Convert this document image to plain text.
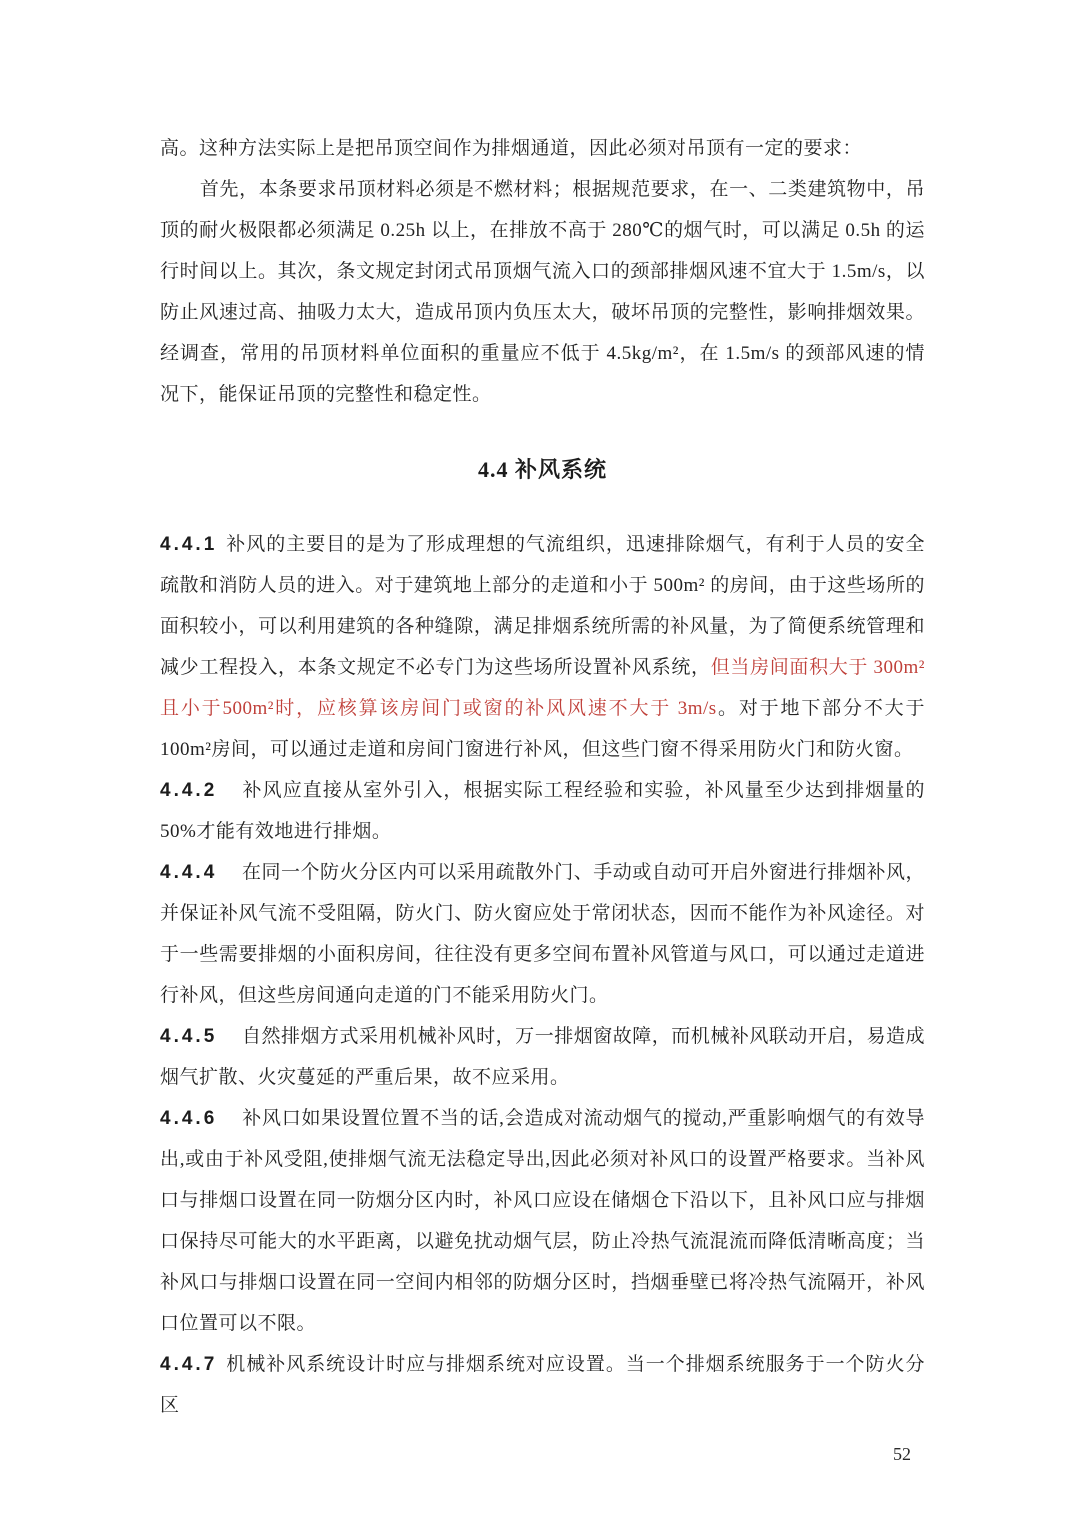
高。这种方法实际上是把吊顶空间作为排烟通道，因此必须对吊顶有一定的要求：

首先，本条要求吊顶材料必须是不燃材料；根据规范要求，在一、二类建筑物中，吊顶的耐火极限都必须满足 0.25h 以上，在排放不高于 280℃的烟气时，可以满足 0.5h 的运行时间以上。其次，条文规定封闭式吊顶烟气流入口的颈部排烟风速不宜大于 1.5m/s，以防止风速过高、抽吸力太大，造成吊顶内负压太大，破坏吊顶的完整性，影响排烟效果。经调查，常用的吊顶材料单位面积的重量应不低于 4.5kg/m²，在 1.5m/s 的颈部风速的情况下，能保证吊顶的完整性和稳定性。

4.4 补风系统

4.4.1 补风的主要目的是为了形成理想的气流组织，迅速排除烟气，有利于人员的安全疏散和消防人员的进入。对于建筑地上部分的走道和小于 500m² 的房间，由于这些场所的面积较小，可以利用建筑的各种缝隙，满足排烟系统所需的补风量，为了简便系统管理和减少工程投入，本条文规定不必专门为这些场所设置补风系统，但当房间面积大于 300m² 且小于500m²时，应核算该房间门或窗的补风风速不大于 3m/s。对于地下部分不大于 100m²房间，可以通过走道和房间门窗进行补风，但这些门窗不得采用防火门和防火窗。

4.4.2 补风应直接从室外引入，根据实际工程经验和实验，补风量至少达到排烟量的 50%才能有效地进行排烟。

4.4.4 在同一个防火分区内可以采用疏散外门、手动或自动可开启外窗进行排烟补风，并保证补风气流不受阻隔，防火门、防火窗应处于常闭状态，因而不能作为补风途径。对于一些需要排烟的小面积房间，往往没有更多空间布置补风管道与风口，可以通过走道进行补风，但这些房间通向走道的门不能采用防火门。

4.4.5 自然排烟方式采用机械补风时，万一排烟窗故障，而机械补风联动开启，易造成烟气扩散、火灾蔓延的严重后果，故不应采用。

4.4.6 补风口如果设置位置不当的话,会造成对流动烟气的搅动,严重影响烟气的有效导出,或由于补风受阻,使排烟气流无法稳定导出,因此必须对补风口的设置严格要求。当补风口与排烟口设置在同一防烟分区内时，补风口应设在储烟仓下沿以下，且补风口应与排烟口保持尽可能大的水平距离，以避免扰动烟气层，防止冷热气流混流而降低清晰高度；当补风口与排烟口设置在同一空间内相邻的防烟分区时，挡烟垂壁已将冷热气流隔开，补风口位置可以不限。

4.4.7 机械补风系统设计时应与排烟系统对应设置。当一个排烟系统服务于一个防火分区

52
